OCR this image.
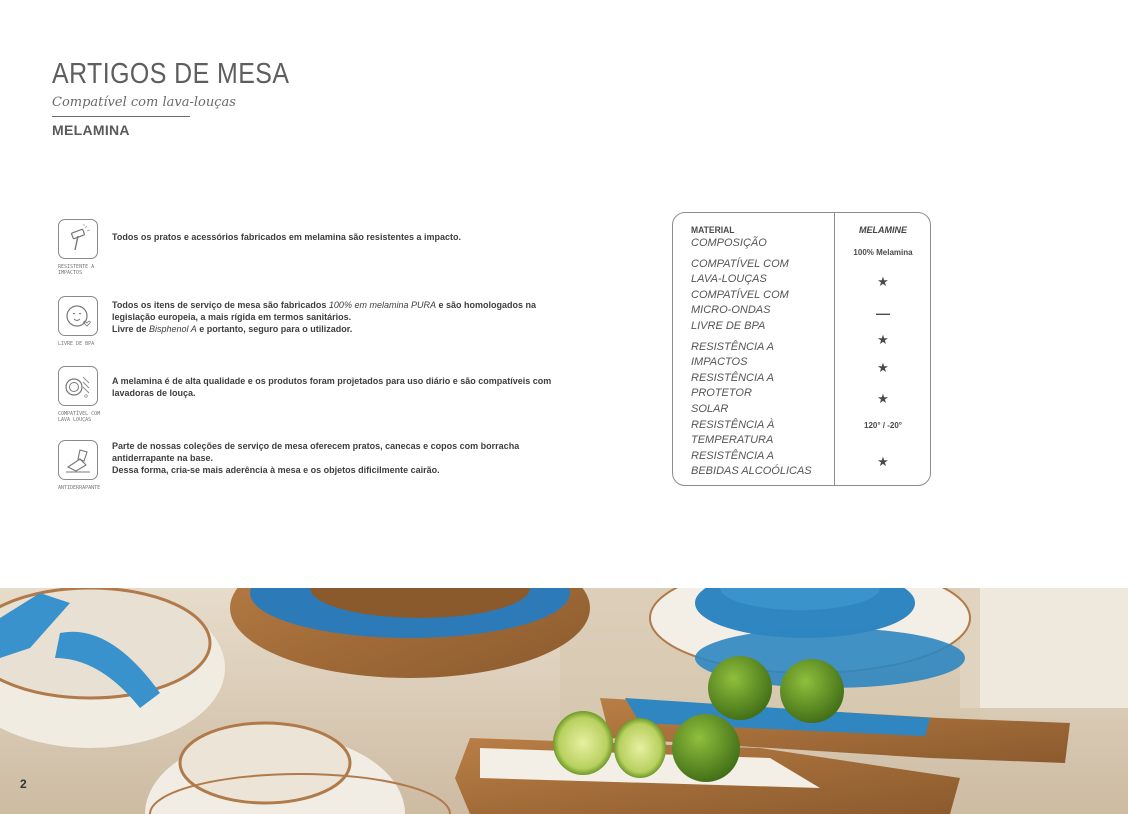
ARTIGOS DE MESA
Compatível com lava-louças
MELAMINA
RESISTENTE A IMPACTOS

Todos os pratos e acessórios fabricados em melamina são resistentes a impacto.

LIVRE DE BPA

Todos os itens de serviço de mesa são fabricados 100% em melamina PURA e são homologados na legislação europeia, a mais rígida em termos sanitários.

Livre de Bisphenol A e portanto, seguro para o utilizador.

COMPATÍVEL COM LAVA LOUÇAS

A melamina é de alta qualidade e os produtos foram projetados para uso diário e são compatíveis com lavadoras de louça.

ANTIDERRAPANTE

Parte de nossas coleções de serviço de mesa oferecem pratos, canecas e copos com borracha antiderrapante na base.

Dessa forma, cria-se mais aderência à mesa e os objetos dificilmente cairão.

MATERIAL
COMPOSIÇÃO
COMPATÍVEL COM LAVA-LOUÇAS
COMPATÍVEL COM MICRO-ONDAS
LIVRE DE BPA
RESISTÊNCIA A IMPACTOS
RESISTÊNCIA A PROTETOR SOLAR
RESISTÊNCIA À TEMPERATURA
RESISTÊNCIA A BEBIDAS ALCOÓLICAS
MELAMINE
100% Melamina
★
—
★
★
★
120° / -20°
★
2
